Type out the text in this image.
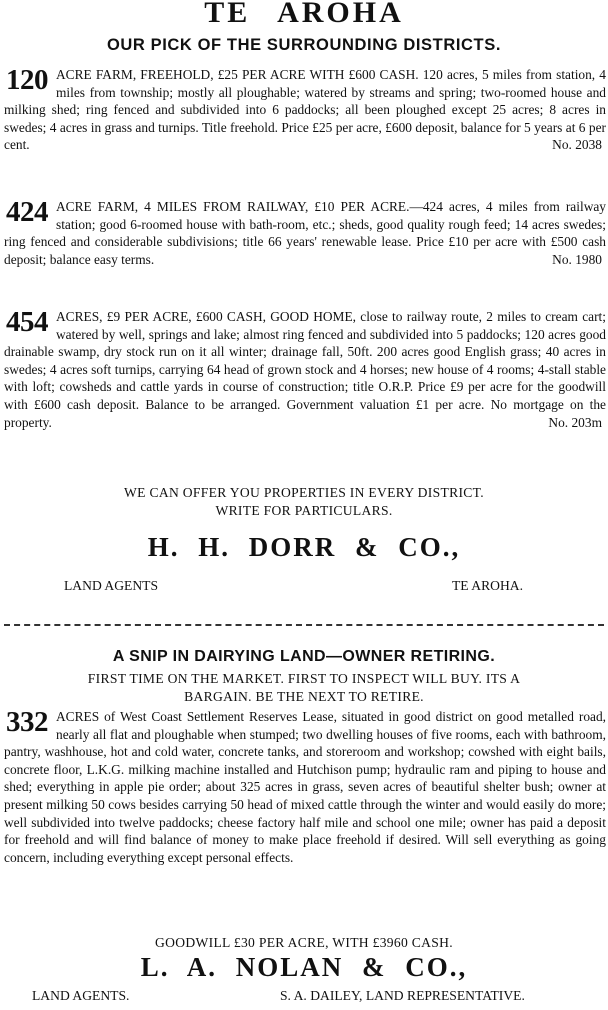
TE AROHA
OUR PICK OF THE SURROUNDING DISTRICTS.
120 ACRE FARM, FREEHOLD, £25 PER ACRE WITH £600 CASH. 120 acres, 5 miles from station, 4 miles from township; mostly all ploughable; watered by streams and spring; two-roomed house and milking shed; ring fenced and subdivided into 6 paddocks; all been ploughed except 25 acres; 8 acres in swedes; 4 acres in grass and turnips. Title freehold. Price £25 per acre, £600 deposit, balance for 5 years at 6 per cent.	No. 2038
424 ACRE FARM, 4 MILES FROM RAILWAY, £10 PER ACRE.—424 acres, 4 miles from railway station; good 6-roomed house with bath-room, etc.; sheds, good quality rough feed; 14 acres swedes; ring fenced and considerable subdivisions; title 66 years' renewable lease. Price £10 per acre with £500 cash deposit; balance easy terms.	No. 1980
454 ACRES, £9 PER ACRE, £600 CASH, GOOD HOME, close to railway route, 2 miles to cream cart; watered by well, springs and lake; almost ring fenced and subdivided into 5 paddocks; 120 acres good drainable swamp, dry stock run on it all winter; drainage fall, 50ft. 200 acres good English grass; 40 acres in swedes; 4 acres soft turnips, carrying 64 head of grown stock and 4 horses; new house of 4 rooms; 4-stall stable with loft; cowsheds and cattle yards in course of construction; title O.R.P. Price £9 per acre for the goodwill with £600 cash deposit. Balance to be arranged. Government valuation £1 per acre. No mortgage on the property.	No. 203m
WE CAN OFFER YOU PROPERTIES IN EVERY DISTRICT.
WRITE FOR PARTICULARS.
H. H. DORR & CO.,
LAND AGENTS	TE AROHA.
A SNIP IN DAIRYING LAND—OWNER RETIRING.
FIRST TIME ON THE MARKET. FIRST TO INSPECT WILL BUY. ITS A
BARGAIN. BE THE NEXT TO RETIRE.
332 ACRES of West Coast Settlement Reserves Lease, situated in good district on good metalled road, nearly all flat and ploughable when stumped; two dwelling houses of five rooms, each with bathroom, pantry, washhouse, hot and cold water, concrete tanks, and storeroom and workshop; cowshed with eight bails, concrete floor, L.K.G. milking machine installed and Hutchison pump; hydraulic ram and piping to house and shed; everything in apple pie order; about 325 acres in grass, seven acres of beautiful shelter bush; owner at present milking 50 cows besides carrying 50 head of mixed cattle through the winter and would easily do more; well subdivided into twelve paddocks; cheese factory half mile and school one mile; owner has paid a deposit for freehold and will find balance of money to make place freehold if desired. Will sell everything as going concern, including everything except personal effects.
GOODWILL £30 PER ACRE, WITH £3960 CASH.
L. A. NOLAN & CO.,
LAND AGENTS.	S. A. DAILEY, LAND REPRESENTATIVE.
